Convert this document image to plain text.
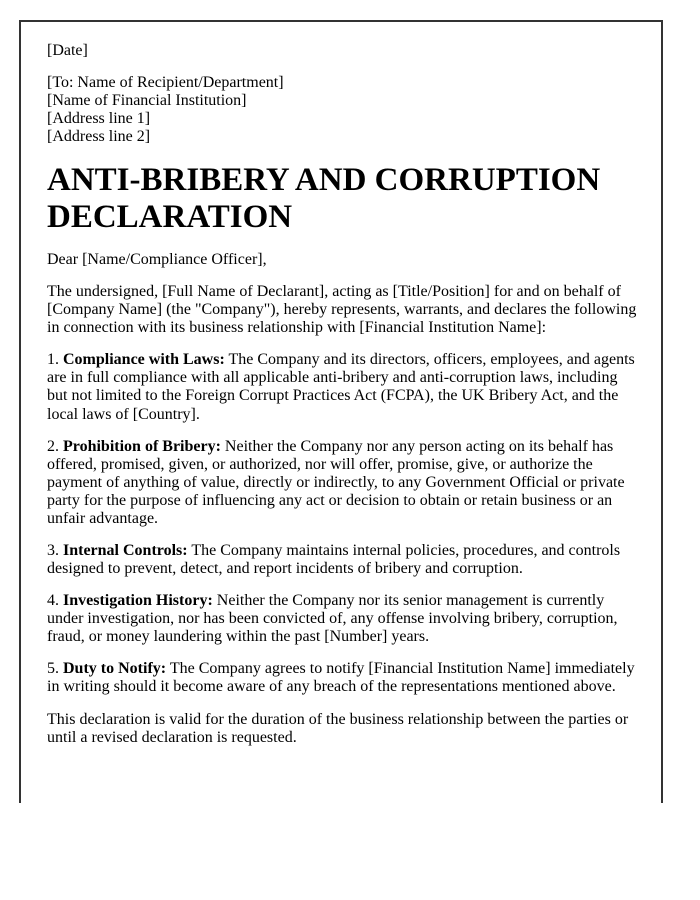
[Date]

[To: Name of Recipient/Department]
[Name of Financial Institution]
[Address line 1]
[Address line 2]

ANTI-BRIBERY AND CORRUPTION DECLARATION

Dear [Name/Compliance Officer],

The undersigned, [Full Name of Declarant], acting as [Title/Position] for and on behalf of [Company Name] (the "Company"), hereby represents, warrants, and declares the following in connection with its business relationship with [Financial Institution Name]:

1. Compliance with Laws: The Company and its directors, officers, employees, and agents are in full compliance with all applicable anti-bribery and anti-corruption laws, including but not limited to the Foreign Corrupt Practices Act (FCPA), the UK Bribery Act, and the local laws of [Country].

2. Prohibition of Bribery: Neither the Company nor any person acting on its behalf has offered, promised, given, or authorized, nor will offer, promise, give, or authorize the payment of anything of value, directly or indirectly, to any Government Official or private party for the purpose of influencing any act or decision to obtain or retain business or an unfair advantage.

3. Internal Controls: The Company maintains internal policies, procedures, and controls designed to prevent, detect, and report incidents of bribery and corruption.

4. Investigation History: Neither the Company nor its senior management is currently under investigation, nor has been convicted of, any offense involving bribery, corruption, fraud, or money laundering within the past [Number] years.

5. Duty to Notify: The Company agrees to notify [Financial Institution Name] immediately in writing should it become aware of any breach of the representations mentioned above.

This declaration is valid for the duration of the business relationship between the parties or until a revised declaration is requested.
